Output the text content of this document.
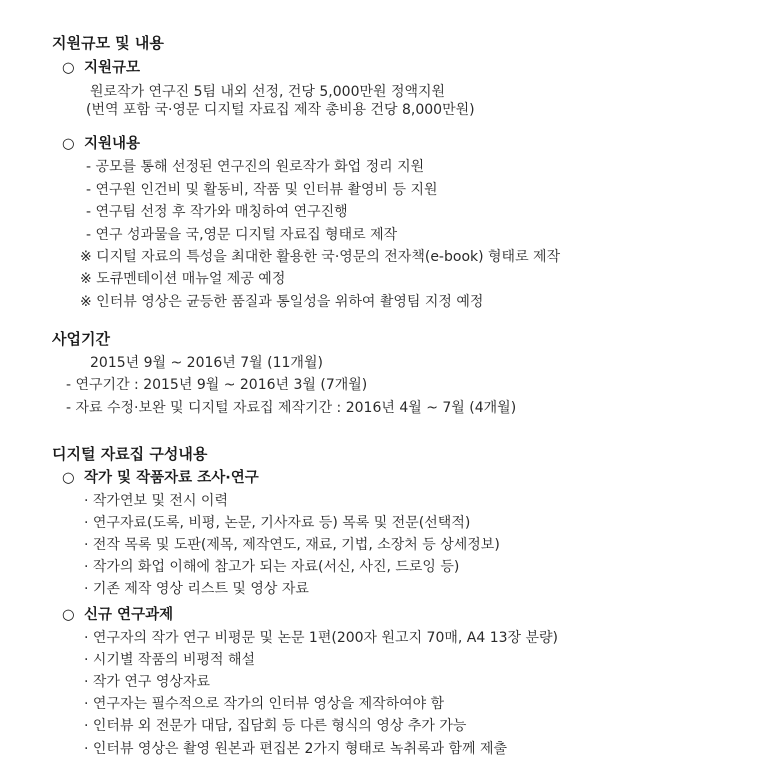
지원규모 및 내용
○ 지원규모
원로작가 연구진 5팀 내외 선정, 건당 5,000만원 정액지원
(번역 포함 국·영문 디지털 자료집 제작 총비용 건당 8,000만원)
○ 지원내용
- 공모를 통해 선정된 연구진의 원로작가 화업 정리 지원
- 연구원 인건비 및 활동비, 작품 및 인터뷰 촬영비 등 지원
- 연구팀 선정 후 작가와 매칭하여 연구진행
- 연구 성과물을 국,영문 디지털 자료집 형태로 제작
※ 디지털 자료의 특성을 최대한 활용한 국·영문의 전자책(e-book) 형태로 제작
※ 도큐멘테이션 매뉴얼 제공 예정
※ 인터뷰 영상은 균등한 품질과 통일성을 위하여 촬영팀 지정 예정
사업기간
2015년 9월 ~ 2016년 7월 (11개월)
- 연구기간 : 2015년 9월 ~ 2016년 3월 (7개월)
- 자료 수정·보완 및 디지털 자료집 제작기간 : 2016년 4월 ~ 7월 (4개월)
디지털 자료집 구성내용
○ 작가 및 작품자료 조사·연구
· 작가연보 및 전시 이력
· 연구자료(도록, 비평, 논문, 기사자료 등) 목록 및 전문(선택적)
· 전작 목록 및 도판(제목, 제작연도, 재료, 기법, 소장처 등 상세정보)
· 작가의 화업 이해에 참고가 되는 자료(서신, 사진, 드로잉 등)
· 기존 제작 영상 리스트 및 영상 자료
○ 신규 연구과제
· 연구자의 작가 연구 비평문 및 논문 1편(200자 원고지 70매, A4 13장 분량)
· 시기별 작품의 비평적 해설
· 작가 연구 영상자료
· 연구자는 필수적으로 작가의 인터뷰 영상을 제작하여야 함
· 인터뷰 외 전문가 대담, 집담회 등 다른 형식의 영상 추가 가능
· 인터뷰 영상은 촬영 원본과 편집본 2가지 형태로 녹취록과 함께 제출
